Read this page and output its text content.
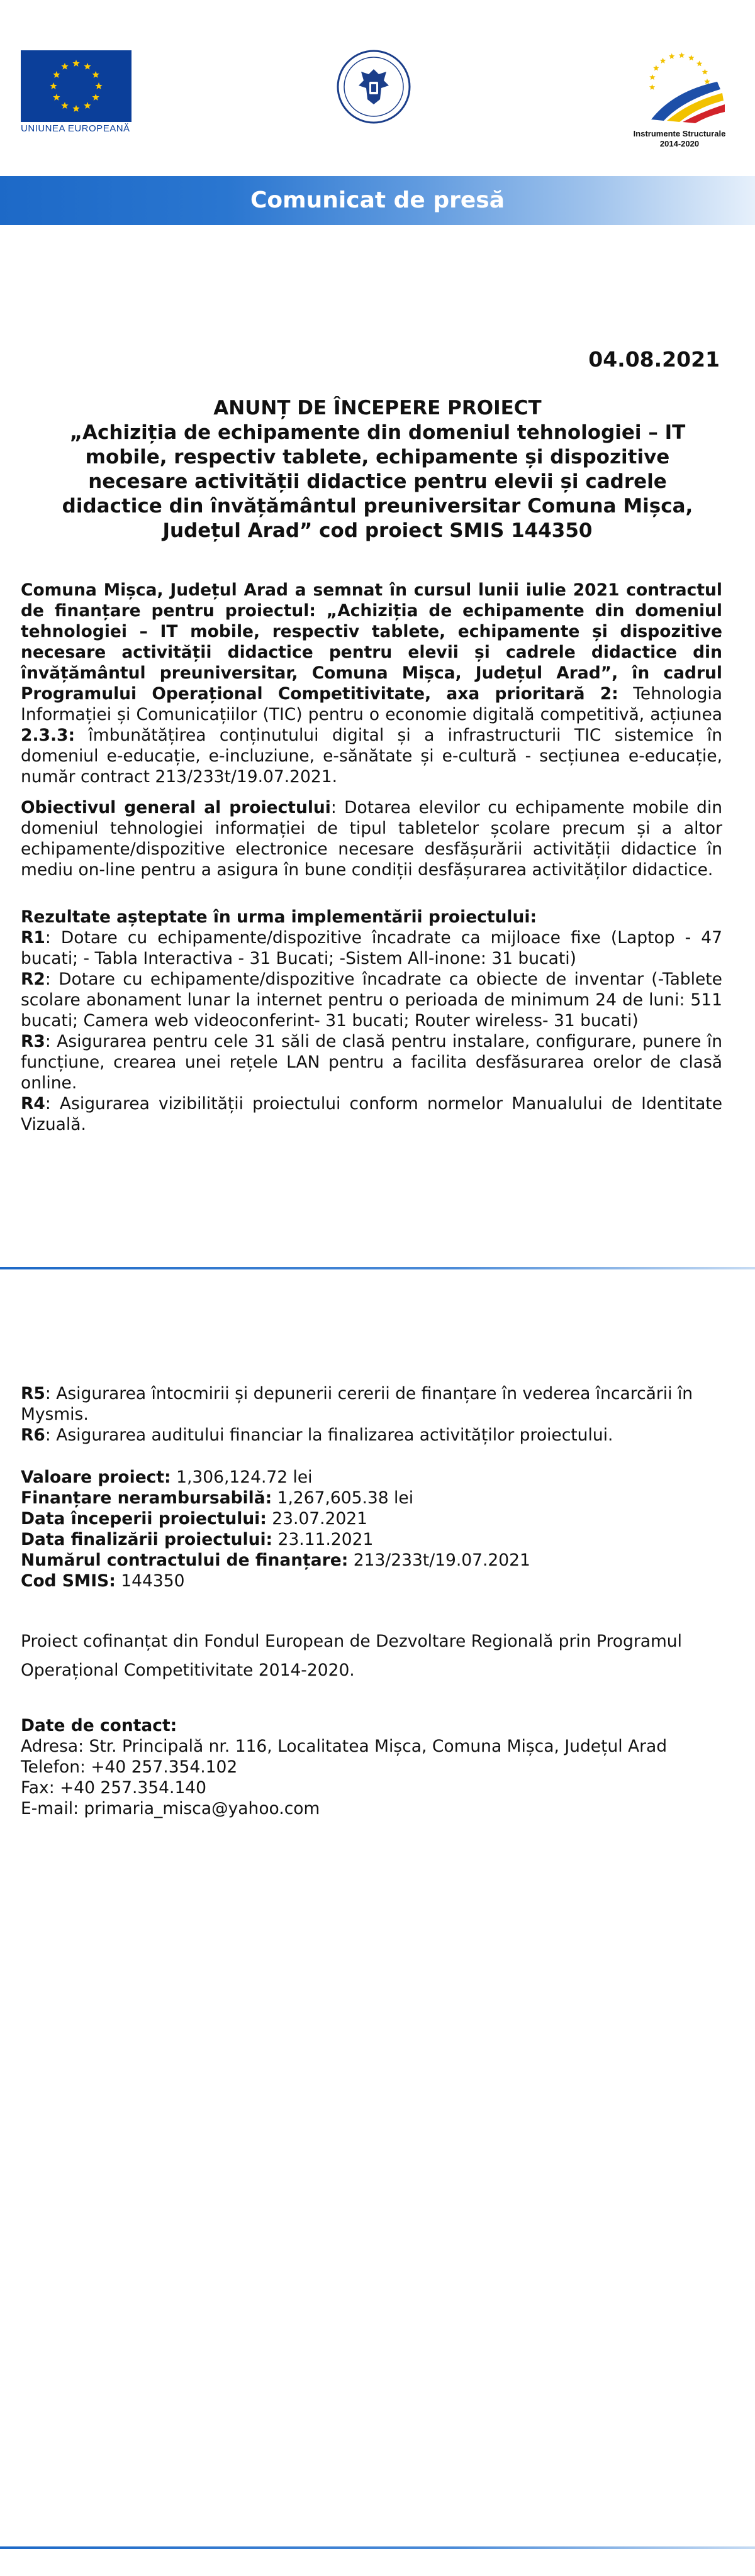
UNIUNEA EUROPEANĂ	Instrumente Structurale
2014-2020
Comunicat de presă
04.08.2021
ANUNȚ DE ÎNCEPERE PROIECT
„Achiziția de echipamente din domeniul tehnologiei – IT mobile, respectiv tablete, echipamente și dispozitive necesare activității didactice pentru elevii și cadrele didactice din învățământul preuniversitar Comuna Mișca, Județul Arad” cod proiect SMIS 144350

Comuna Mișca, Județul Arad a semnat în cursul lunii iulie 2021 contractul de finanțare pentru proiectul: „Achiziția de echipamente din domeniul tehnologiei – IT mobile, respectiv tablete, echipamente și dispozitive necesare activității didactice pentru elevii și cadrele didactice din învățământul preuniversitar, Comuna Mișca, Județul Arad”, în cadrul Programului Operațional Competitivitate, axa prioritară 2: Tehnologia Informației și Comunicațiilor (TIC) pentru o economie digitală competitivă, acțiunea 2.3.3: îmbunătățirea conținutului digital și a infrastructurii TIC sistemice în domeniul e-educație, e-incluziune, e-sănătate și e-cultură - secțiunea e-educație, număr contract 213/233t/19.07.2021.

Obiectivul general al proiectului: Dotarea elevilor cu echipamente mobile din domeniul tehnologiei informației de tipul tabletelor școlare precum și a altor echipamente/dispozitive electronice necesare desfășurării activității didactice în mediu on-line pentru a asigura în bune condiții desfășurarea activităților didactice.

Rezultate așteptate în urma implementării proiectului:

R1: Dotare cu echipamente/dispozitive încadrate ca mijloace fixe (Laptop - 47 bucati; - Tabla Interactiva - 31 Bucati; -Sistem All-inone: 31 bucati)

R2: Dotare cu echipamente/dispozitive încadrate ca obiecte de inventar (-Tablete scolare abonament lunar la internet pentru o perioada de minimum 24 de luni: 511 bucati; Camera web videoconferint- 31 bucati; Router wireless- 31 bucati)

R3: Asigurarea pentru cele 31 săli de clasă pentru instalare, configurare, punere în funcțiune, crearea unei rețele LAN pentru a facilita desfăsurarea orelor de clasă online.

R4: Asigurarea vizibilității proiectului conform normelor Manualului de Identitate Vizuală.

R5: Asigurarea întocmirii și depunerii cererii de finanțare în vederea încarcării în Mysmis.

R6: Asigurarea auditului financiar la finalizarea activităților proiectului.

Valoare proiect: 1,306,124.72 lei

Finanțare nerambursabilă: 1,267,605.38 lei

Data începerii proiectului: 23.07.2021

Data finalizării proiectului: 23.11.2021

Numărul contractului de finanțare: 213/233t/19.07.2021

Cod SMIS: 144350

Proiect cofinanțat din Fondul European de Dezvoltare Regională prin Programul

Operațional Competitivitate 2014-2020.

Date de contact:

Adresa: Str. Principală nr. 116, Localitatea Mișca, Comuna Mișca, Județul Arad

Telefon: +40 257.354.102

Fax: +40 257.354.140

E-mail: primaria_misca@yahoo.com
